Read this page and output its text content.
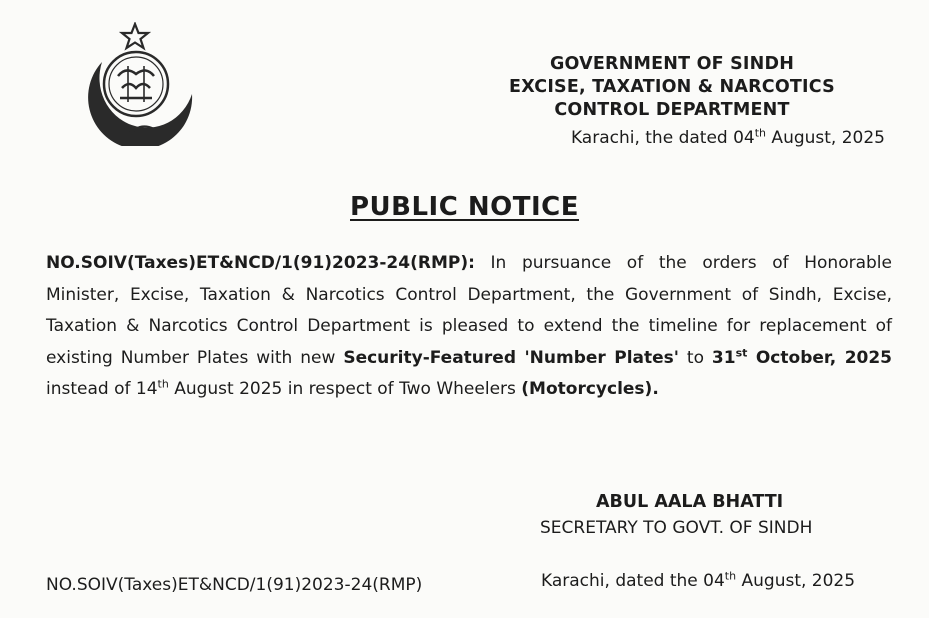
GOVERNMENT OF SINDH
EXCISE, TAXATION & NARCOTICS
CONTROL DEPARTMENT
Karachi, the dated 04th August, 2025
PUBLIC NOTICE
NO.SOIV(Taxes)ET&NCD/1(91)2023-24(RMP): In pursuance of the orders of Honorable Minister, Excise, Taxation & Narcotics Control Department, the Government of Sindh, Excise, Taxation & Narcotics Control Department is pleased to extend the timeline for replacement of existing Number Plates with new Security-Featured 'Number Plates' to 31st October, 2025 instead of 14th August 2025 in respect of Two Wheelers (Motorcycles).
ABUL AALA BHATTI
SECRETARY TO GOVT. OF SINDH
NO.SOIV(Taxes)ET&NCD/1(91)2023-24(RMP)	Karachi, dated the 04th August, 2025
